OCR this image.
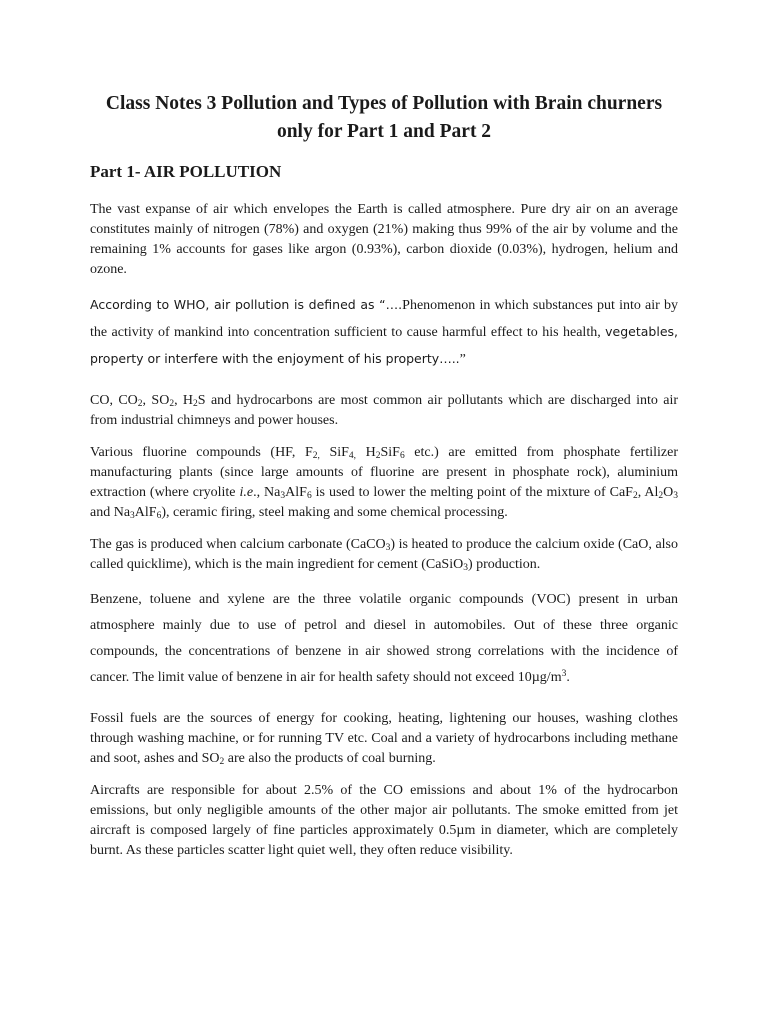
Class Notes 3 Pollution and Types of Pollution with Brain churners only for Part 1 and Part 2
Part 1- AIR POLLUTION

The vast expanse of air which envelopes the Earth is called atmosphere. Pure dry air on an average constitutes mainly of nitrogen (78%) and oxygen (21%) making thus 99% of the air by volume and the remaining 1% accounts for gases like argon (0.93%), carbon dioxide (0.03%), hydrogen, helium and ozone.

According to WHO, air pollution is defined as “….Phenomenon in which substances put into air by the activity of mankind into concentration sufficient to cause harmful effect to his health, vegetables, property or interfere with the enjoyment of his property…..”

CO, $CO_2$, $SO_2$, $H_2S$ and hydrocarbons are most common air pollutants which are discharged into air from industrial chimneys and power houses.

Various fluorine compounds (HF, $F_{2,}$ SiF$_{4,}$ $H_2SiF_6$ etc.) are emitted from phosphate fertilizer manufacturing plants (since large amounts of fluorine are present in phosphate rock), aluminium extraction (where cryolite i.e., $Na_3AlF_6$ is used to lower the melting point of the mixture of CaF$_2$, $Al_2O_3$ and $Na_3AlF_6$), ceramic firing, steel making and some chemical processing.

The gas is produced when calcium carbonate (CaCO$_3$) is heated to produce the calcium oxide (CaO, also called quicklime), which is the main ingredient for cement (CaSiO$_3$) production.

Benzene, toluene and xylene are the three volatile organic compounds (VOC) present in urban atmosphere mainly due to use of petrol and diesel in automobiles. Out of these three organic compounds, the concentrations of benzene in air showed strong correlations with the incidence of cancer. The limit value of benzene in air for health safety should not exceed $10\mu g/m^3$.

Fossil fuels are the sources of energy for cooking, heating, lightening our houses, washing clothes through washing machine, or for running TV etc. Coal and a variety of hydrocarbons including methane and soot, ashes and $SO_2$ are also the products of coal burning.

Aircrafts are responsible for about 2.5% of the CO emissions and about 1% of the hydrocarbon emissions, but only negligible amounts of the other major air pollutants. The smoke emitted from jet aircraft is composed largely of fine particles approximately 0.5µm in diameter, which are completely burnt. As these particles scatter light quiet well, they often reduce visibility.
